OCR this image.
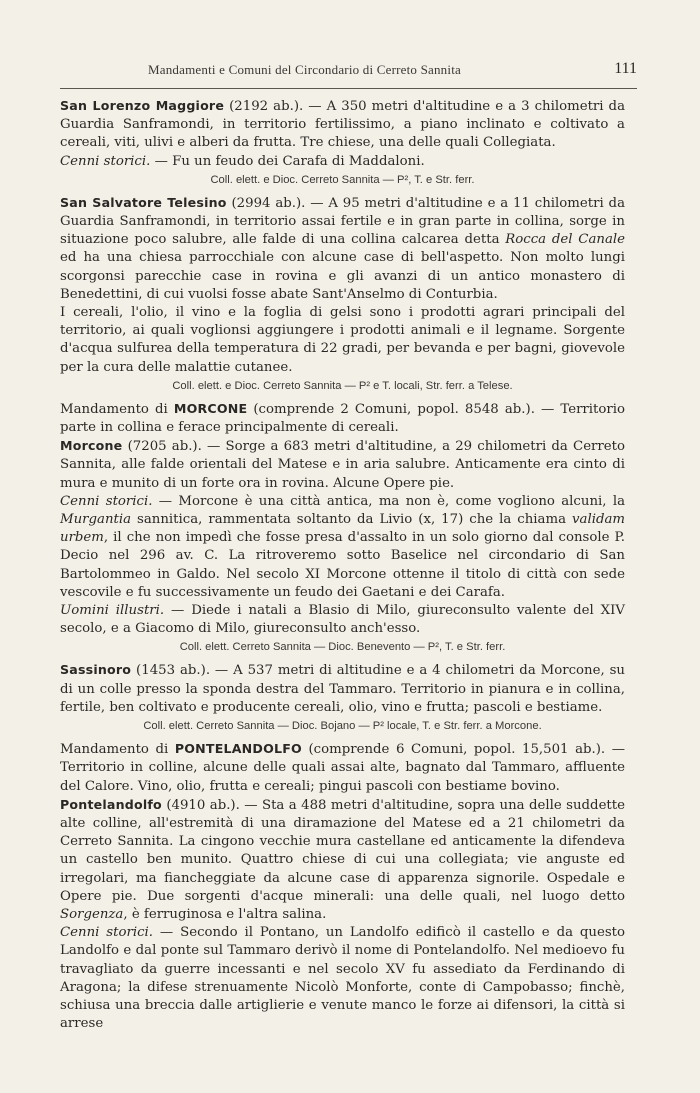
Mandamenti e Comuni del Circondario di Cerreto Sannita	111

San Lorenzo Maggiore (2192 ab.). — A 350 metri d'altitudine e a 3 chilometri da Guardia Sanframondi, in territorio fertilissimo, a piano inclinato e coltivato a cereali, viti, ulivi e alberi da frutta. Tre chiese, una delle quali Collegiata.

Cenni storici. — Fu un feudo dei Carafa di Maddaloni.

Coll. elett. e Dioc. Cerreto Sannita — P², T. e Str. ferr.

San Salvatore Telesino (2994 ab.). — A 95 metri d'altitudine e a 11 chilometri da Guardia Sanframondi, in territorio assai fertile e in gran parte in collina, sorge in situazione poco salubre, alle falde di una collina calcarea detta Rocca del Canale ed ha una chiesa parrocchiale con alcune case di bell'aspetto. Non molto lungi scorgonsi parecchie case in rovina e gli avanzi di un antico monastero di Benedettini, di cui vuolsi fosse abate Sant'Anselmo di Conturbia.

I cereali, l'olio, il vino e la foglia di gelsi sono i prodotti agrari principali del territorio, ai quali voglionsi aggiungere i prodotti animali e il legname. Sorgente d'acqua sulfurea della temperatura di 22 gradi, per bevanda e per bagni, giovevole per la cura delle malattie cutanee.

Coll. elett. e Dioc. Cerreto Sannita — P² e T. locali, Str. ferr. a Telese.

Mandamento di MORCONE (comprende 2 Comuni, popol. 8548 ab.). — Territorio parte in collina e ferace principalmente di cereali.

Morcone (7205 ab.). — Sorge a 683 metri d'altitudine, a 29 chilometri da Cerreto Sannita, alle falde orientali del Matese e in aria salubre. Anticamente era cinto di mura e munito di un forte ora in rovina. Alcune Opere pie.

Cenni storici. — Morcone è una città antica, ma non è, come vogliono alcuni, la Murgantia sannitica, rammentata soltanto da Livio (x, 17) che la chiama validam urbem, il che non impedì che fosse presa d'assalto in un solo giorno dal console P. Decio nel 296 av. C. La ritroveremo sotto Baselice nel circondario di San Bartolommeo in Galdo. Nel secolo XI Morcone ottenne il titolo di città con sede vescovile e fu successivamente un feudo dei Gaetani e dei Carafa.

Uomini illustri. — Diede i natali a Blasio di Milo, giureconsulto valente del XIV secolo, e a Giacomo di Milo, giureconsulto anch'esso.

Coll. elett. Cerreto Sannita — Dioc. Benevento — P², T. e Str. ferr.

Sassinoro (1453 ab.). — A 537 metri di altitudine e a 4 chilometri da Morcone, su di un colle presso la sponda destra del Tammaro. Territorio in pianura e in collina, fertile, ben coltivato e producente cereali, olio, vino e frutta; pascoli e bestiame.

Coll. elett. Cerreto Sannita — Dioc. Bojano — P² locale, T. e Str. ferr. a Morcone.

Mandamento di PONTELANDOLFO (comprende 6 Comuni, popol. 15,501 ab.). — Territorio in colline, alcune delle quali assai alte, bagnato dal Tammaro, affluente del Calore. Vino, olio, frutta e cereali; pingui pascoli con bestiame bovino.

Pontelandolfo (4910 ab.). — Sta a 488 metri d'altitudine, sopra una delle suddette alte colline, all'estremità di una diramazione del Matese ed a 21 chilometri da Cerreto Sannita. La cingono vecchie mura castellane ed anticamente la difendeva un castello ben munito. Quattro chiese di cui una collegiata; vie anguste ed irregolari, ma fiancheggiate da alcune case di apparenza signorile. Ospedale e Opere pie. Due sorgenti d'acque minerali: una delle quali, nel luogo detto Sorgenza, è ferruginosa e l'altra salina.

Cenni storici. — Secondo il Pontano, un Landolfo edificò il castello e da questo Landolfo e dal ponte sul Tammaro derivò il nome di Pontelandolfo. Nel medioevo fu travagliato da guerre incessanti e nel secolo XV fu assediato da Ferdinando di Aragona; la difese strenuamente Nicolò Monforte, conte di Campobasso; finchè, schiusa una breccia dalle artiglierie e venute manco le forze ai difensori, la città si arrese
